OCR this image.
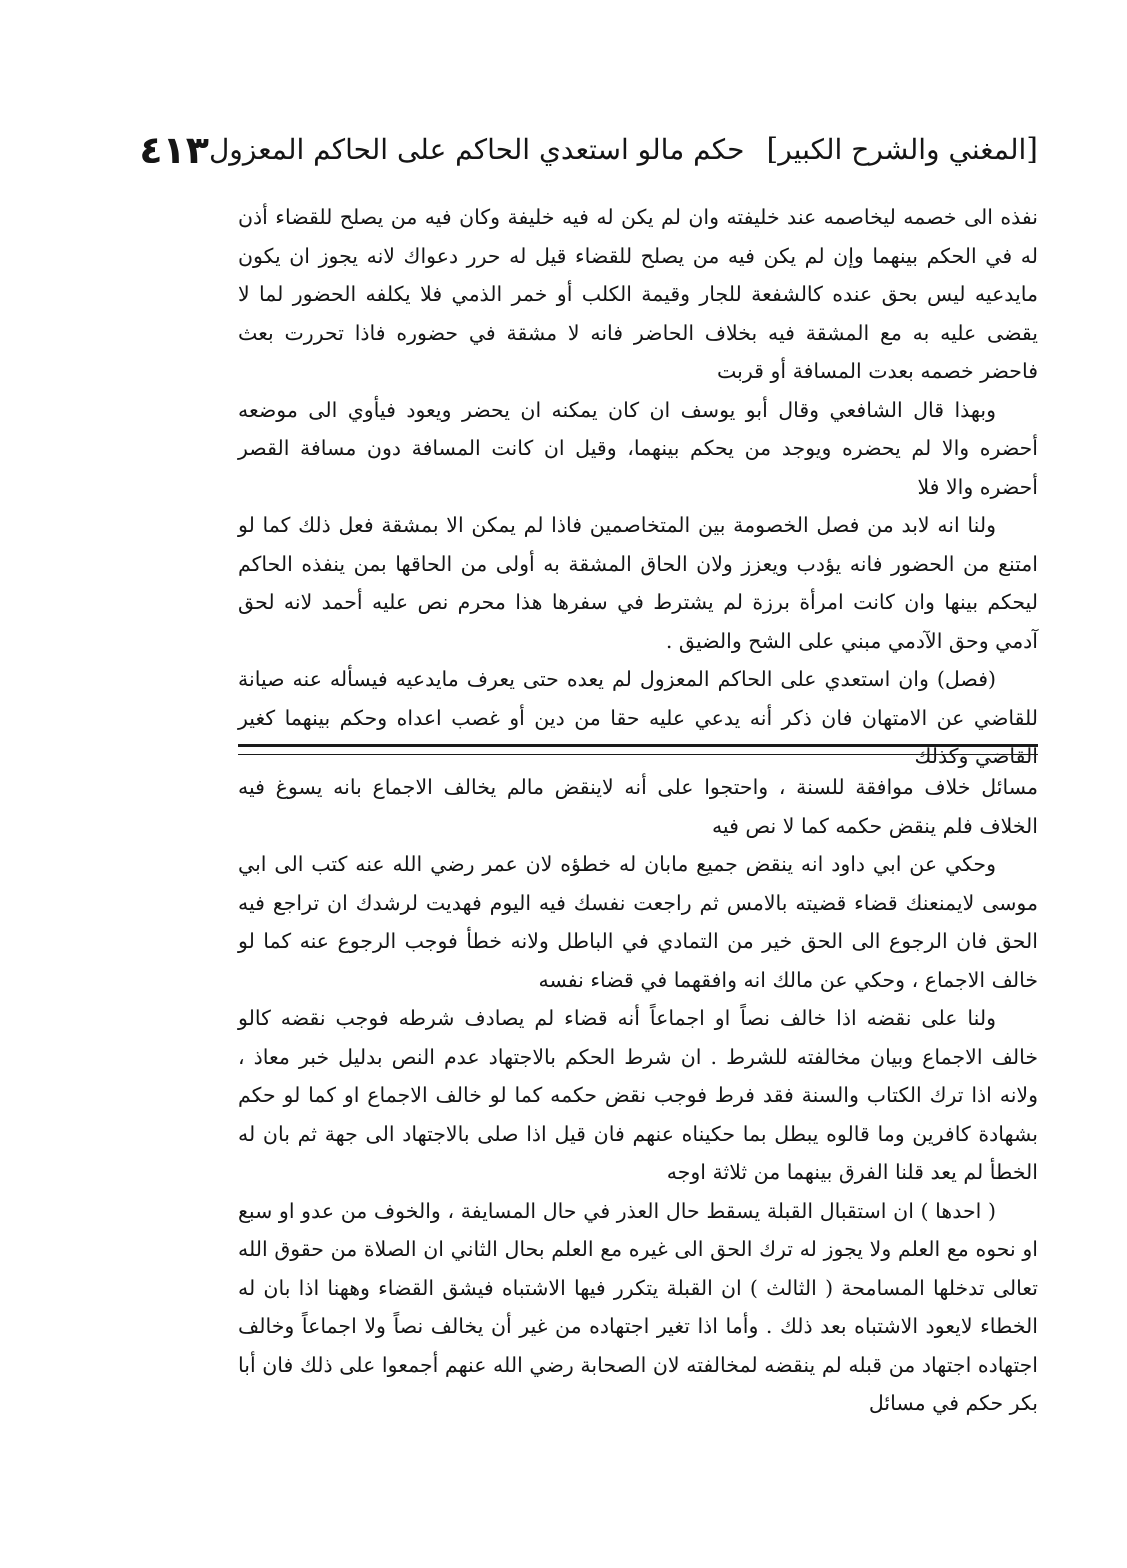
[المغني والشرح الكبير]حكم مالو استعدي الحاكم على الحاكم المعزول
٤١٣

نفذه الى خصمه ليخاصمه عند خليفته وان لم يكن له فيه خليفة وكان فيه من يصلح للقضاء أذن له في الحكم بينهما وإن لم يكن فيه من يصلح للقضاء قيل له حرر دعواك لانه يجوز ان يكون مايدعيه ليس بحق عنده كالشفعة للجار وقيمة الكلب أو خمر الذمي فلا يكلفه الحضور لما لا يقضى عليه به مع المشقة فيه بخلاف الحاضر فانه لا مشقة في حضوره فاذا تحررت بعث فاحضر خصمه بعدت المسافة أو قربت

وبهذا قال الشافعي وقال أبو يوسف ان كان يمكنه ان يحضر ويعود فيأوي الى موضعه أحضره والا لم يحضره ويوجد من يحكم بينهما، وقيل ان كانت المسافة دون مسافة القصر أحضره والا فلا

ولنا انه لابد من فصل الخصومة بين المتخاصمين فاذا لم يمكن الا بمشقة فعل ذلك كما لو امتنع من الحضور فانه يؤدب ويعزز ولان الحاق المشقة به أولى من الحاقها بمن ينفذه الحاكم ليحكم بينها وان كانت امرأة برزة لم يشترط في سفرها هذا محرم نص عليه أحمد لانه لحق آدمي وحق الآدمي مبني على الشح والضيق .

(فصل) وان استعدي على الحاكم المعزول لم يعده حتى يعرف مايدعيه فيسأله عنه صيانة للقاضي عن الامتهان فان ذكر أنه يدعي عليه حقا من دين أو غصب اعداه وحكم بينهما كغير القاضي وكذلك

مسائل خلاف موافقة للسنة ، واحتجوا على أنه لاينقض مالم يخالف الاجماع بانه يسوغ فيه الخلاف فلم ينقض حكمه كما لا نص فيه

وحكي عن ابي داود انه ينقض جميع مابان له خطؤه لان عمر رضي الله عنه كتب الى ابي موسى لايمنعنك قضاء قضيته بالامس ثم راجعت نفسك فيه اليوم فهديت لرشدك ان تراجع فيه الحق فان الرجوع الى الحق خير من التمادي في الباطل ولانه خطأ فوجب الرجوع عنه كما لو خالف الاجماع ، وحكي عن مالك انه وافقهما في قضاء نفسه

ولنا على نقضه اذا خالف نصاً او اجماعاً أنه قضاء لم يصادف شرطه فوجب نقضه كالو خالف الاجماع وبيان مخالفته للشرط . ان شرط الحكم بالاجتهاد عدم النص بدليل خبر معاذ ، ولانه اذا ترك الكتاب والسنة فقد فرط فوجب نقض حكمه كما لو خالف الاجماع او كما لو حكم بشهادة كافرين وما قالوه يبطل بما حكيناه عنهم فان قيل اذا صلى بالاجتهاد الى جهة ثم بان له الخطأ لم يعد قلنا الفرق بينهما من ثلاثة اوجه

( احدها ) ان استقبال القبلة يسقط حال العذر في حال المسايفة ، والخوف من عدو او سبع او نحوه مع العلم ولا يجوز له ترك الحق الى غيره مع العلم بحال الثاني ان الصلاة من حقوق الله تعالى تدخلها المسامحة ( الثالث ) ان القبلة يتكرر فيها الاشتباه فيشق القضاء وههنا اذا بان له الخطاء لايعود الاشتباه بعد ذلك . وأما اذا تغير اجتهاده من غير أن يخالف نصاً ولا اجماعاً وخالف اجتهاده اجتهاد من قبله لم ينقضه لمخالفته لان الصحابة رضي الله عنهم أجمعوا على ذلك فان أبا بكر حكم في مسائل
